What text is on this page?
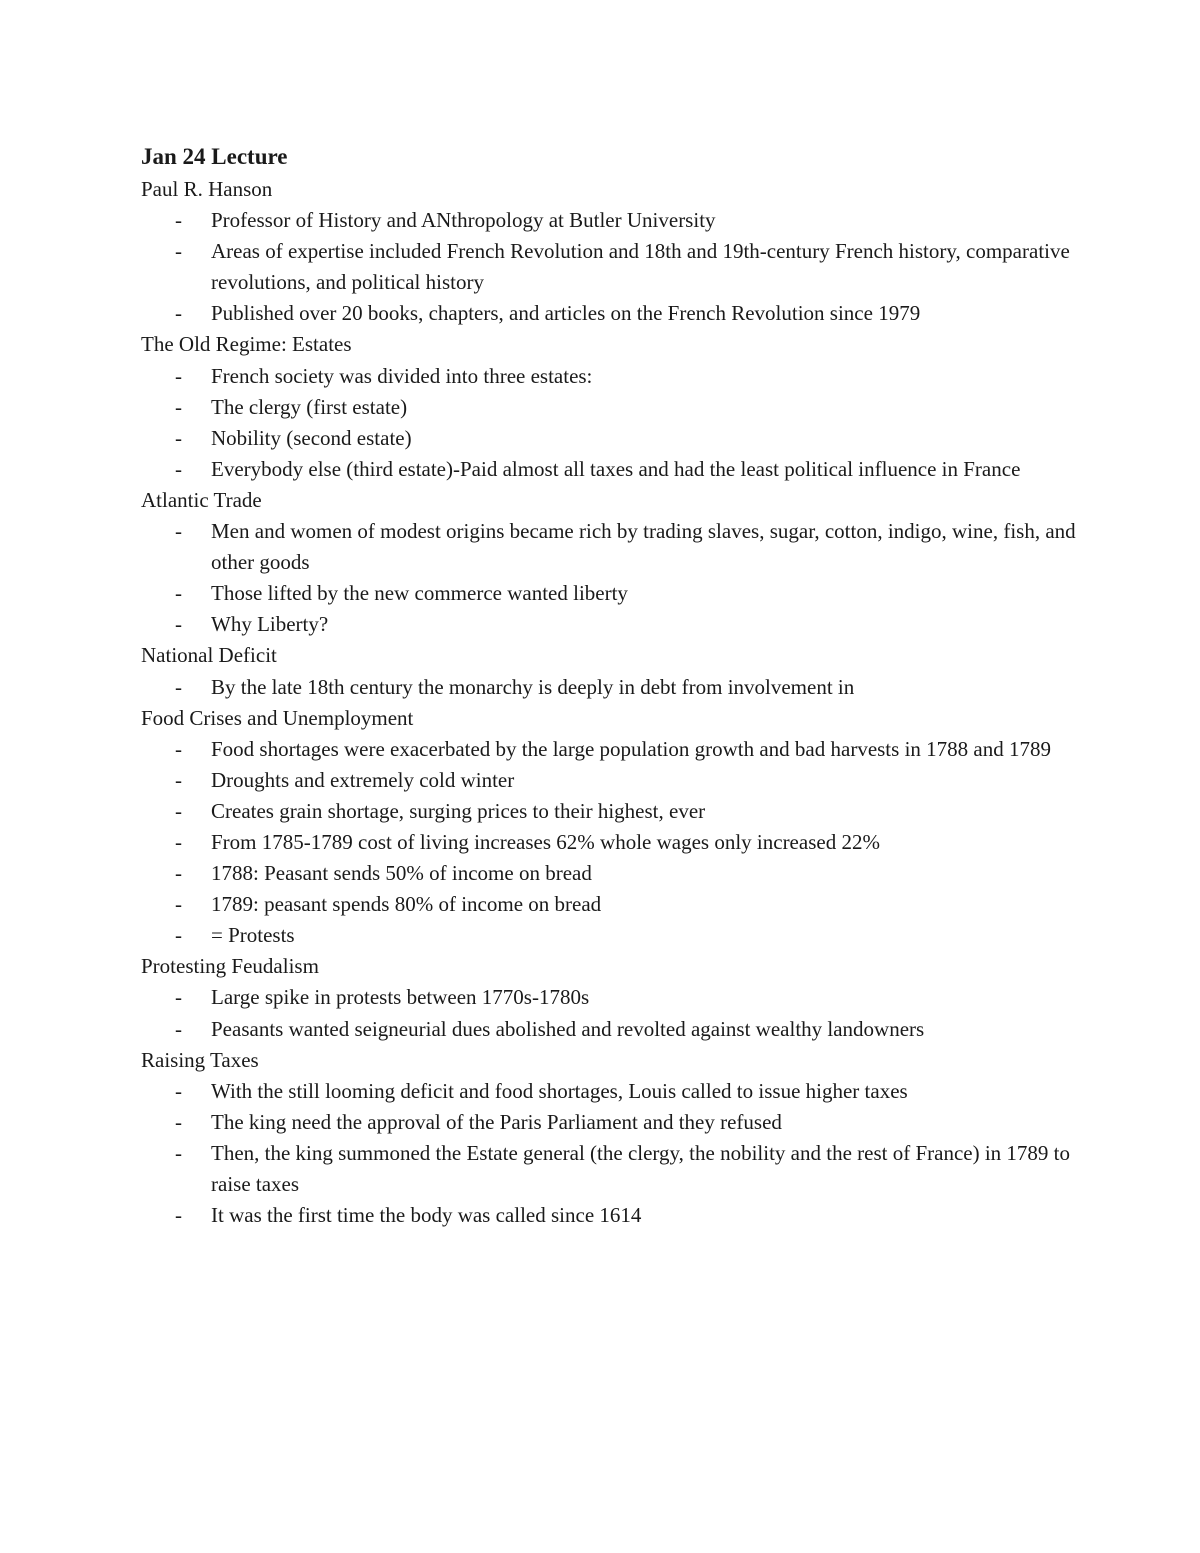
Jan 24 Lecture

Paul R. Hanson

- Professor of History and ANthropology at Butler University
- Areas of expertise included French Revolution and 18th and 19th-century French history, comparative revolutions, and political history
- Published over 20 books, chapters, and articles on the French Revolution since 1979

The Old Regime: Estates

- French society was divided into three estates:
- The clergy (first estate)
- Nobility (second estate)
- Everybody else (third estate)-Paid almost all taxes and had the least political influence in France

Atlantic Trade

- Men and women of modest origins became rich by trading slaves, sugar, cotton, indigo, wine, fish, and other goods
- Those lifted by the new commerce wanted liberty
- Why Liberty?

National Deficit

- By the late 18th century the monarchy is deeply in debt from involvement in

Food Crises and Unemployment

- Food shortages were exacerbated by the large population growth and bad harvests in 1788 and 1789
- Droughts and extremely cold winter
- Creates grain shortage, surging prices to their highest, ever
- From 1785-1789 cost of living increases 62% whole wages only increased 22%
- 1788: Peasant sends 50% of income on bread
- 1789: peasant spends 80% of income on bread
- = Protests

Protesting Feudalism

- Large spike in protests between 1770s-1780s
- Peasants wanted seigneurial dues abolished and revolted against wealthy landowners

Raising Taxes

- With the still looming deficit and food shortages, Louis called to issue higher taxes
- The king need the approval of the Paris Parliament and they refused
- Then, the king summoned the Estate general (the clergy, the nobility and the rest of France) in 1789 to raise taxes
- It was the first time the body was called since 1614
